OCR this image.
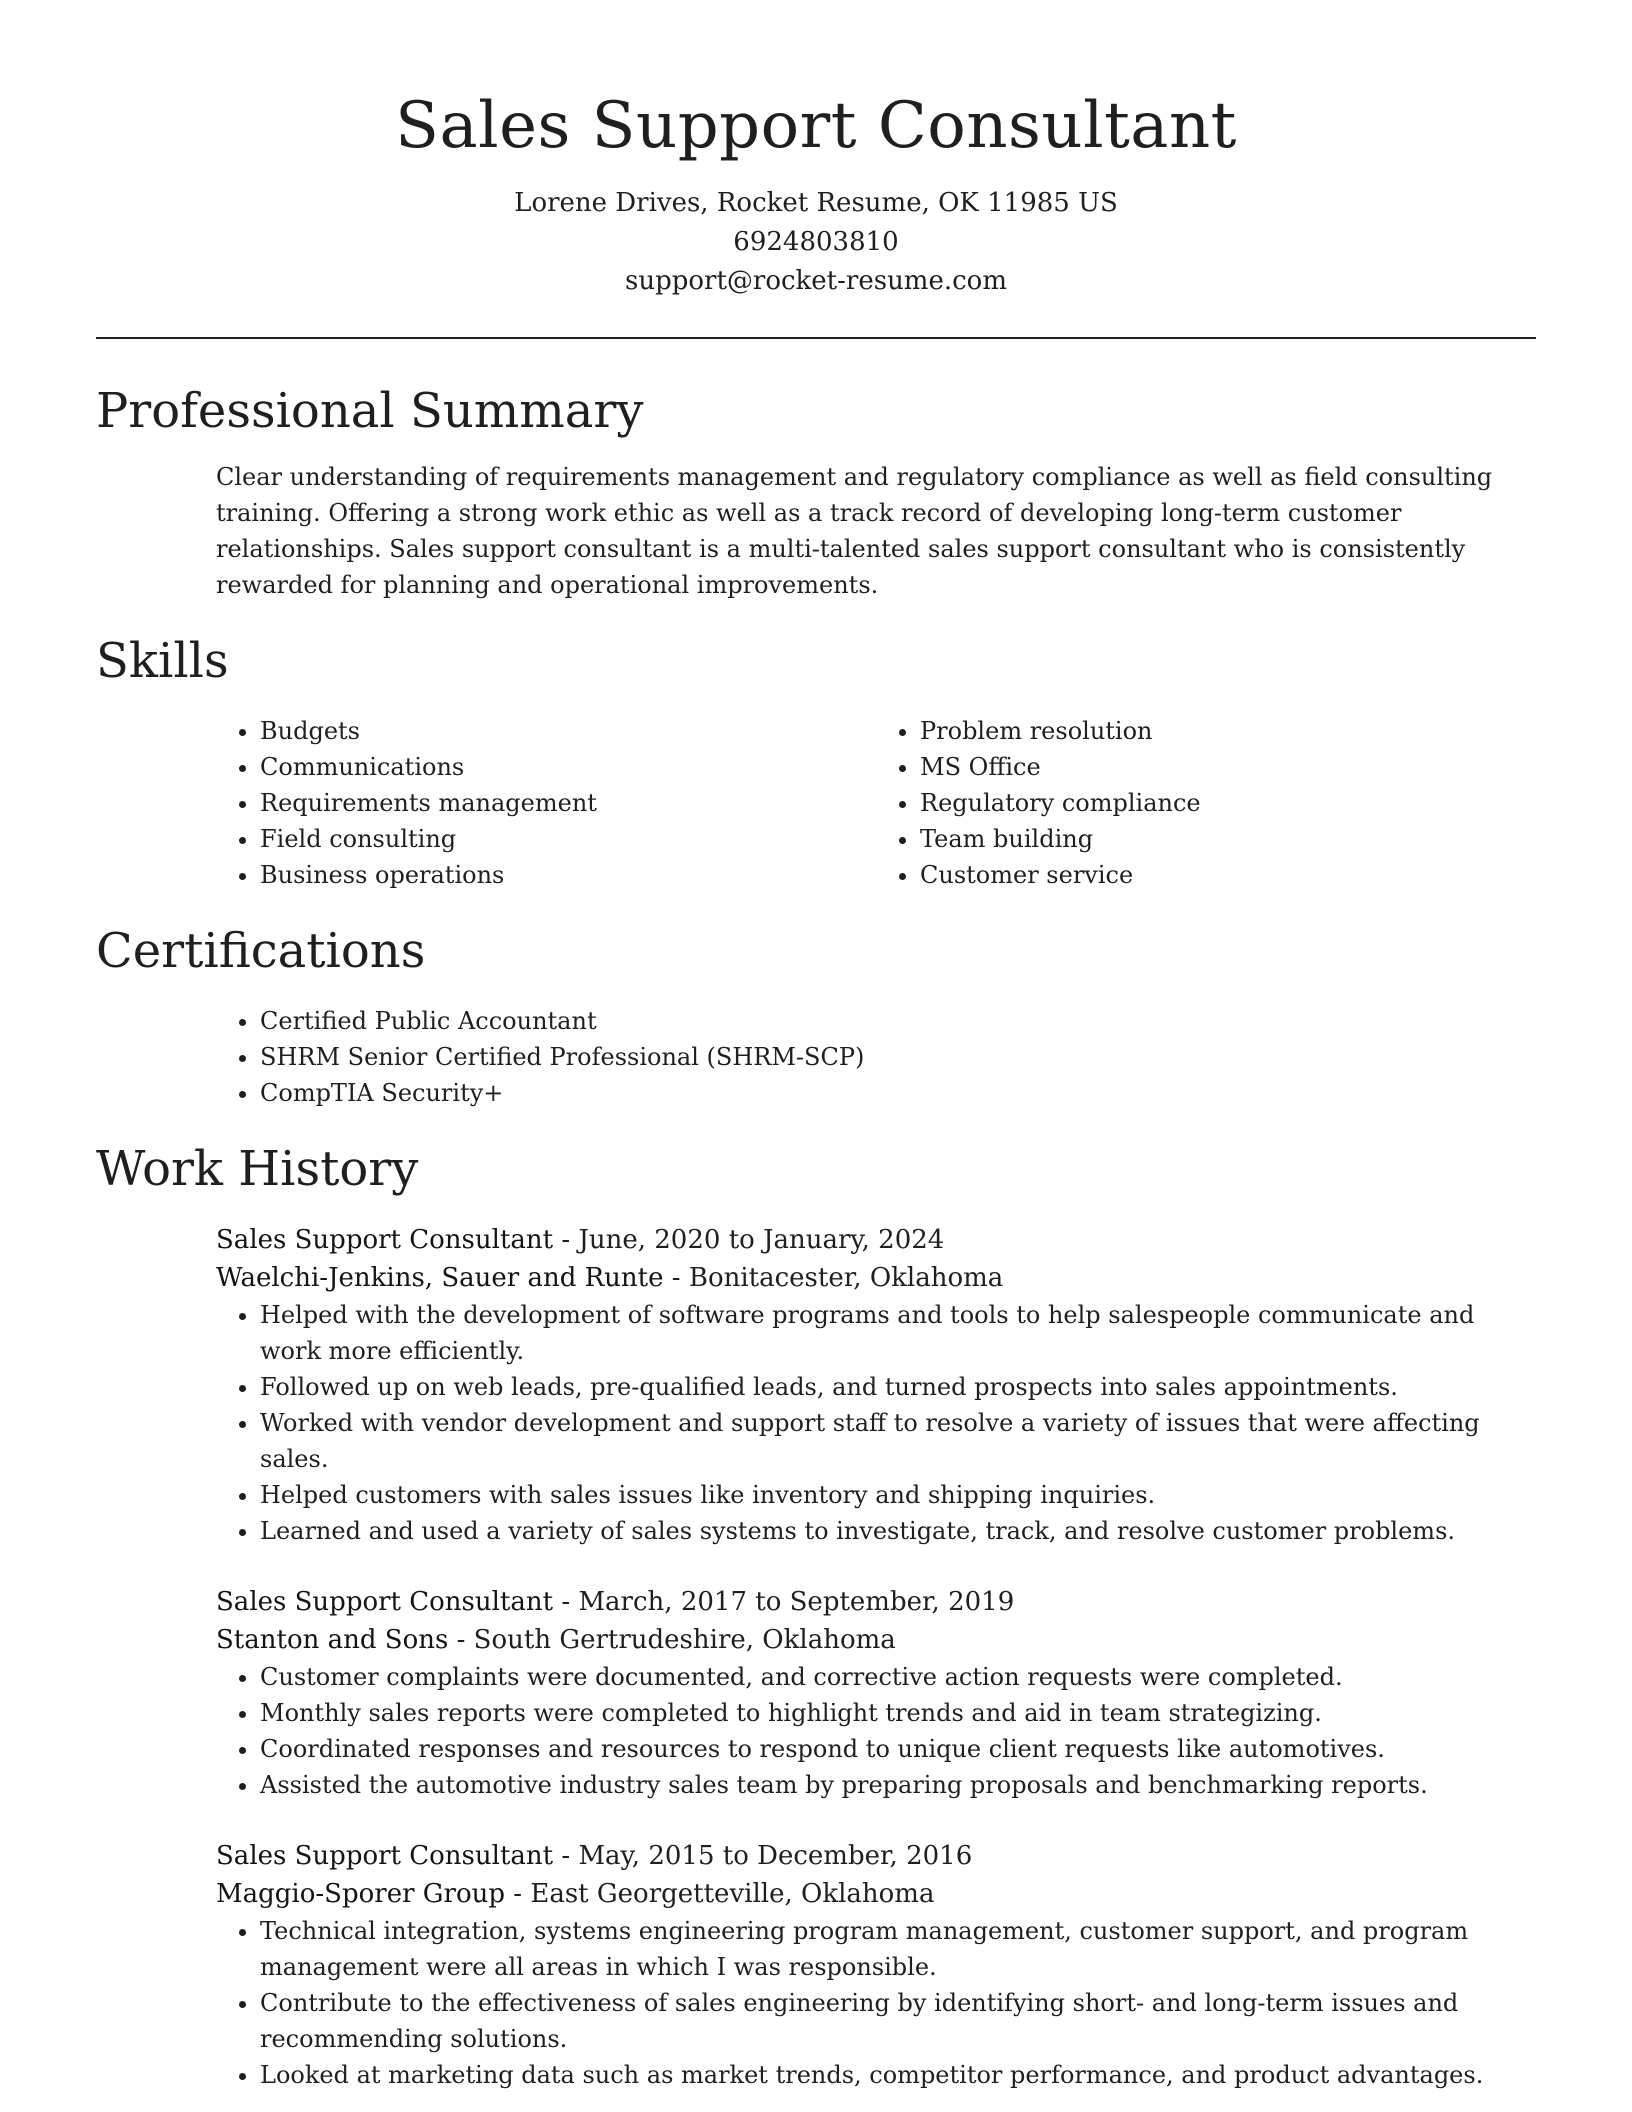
Sales Support Consultant
Lorene Drives, Rocket Resume, OK 11985 US
6924803810
support@rocket-resume.com
Professional Summary
Clear understanding of requirements management and regulatory compliance as well as field consulting training. Offering a strong work ethic as well as a track record of developing long-term customer relationships. Sales support consultant is a multi-talented sales support consultant who is consistently rewarded for planning and operational improvements.
Skills
• Budgets
• Communications
• Requirements management
• Field consulting
• Business operations
• Problem resolution
• MS Office
• Regulatory compliance
• Team building
• Customer service
Certifications
• Certified Public Accountant
• SHRM Senior Certified Professional (SHRM-SCP)
• CompTIA Security+
Work History
Sales Support Consultant - June, 2020 to January, 2024
Waelchi-Jenkins, Sauer and Runte - Bonitacester, Oklahoma
• Helped with the development of software programs and tools to help salespeople communicate and work more efficiently.
• Followed up on web leads, pre-qualified leads, and turned prospects into sales appointments.
• Worked with vendor development and support staff to resolve a variety of issues that were affecting sales.
• Helped customers with sales issues like inventory and shipping inquiries.
• Learned and used a variety of sales systems to investigate, track, and resolve customer problems.
Sales Support Consultant - March, 2017 to September, 2019
Stanton and Sons - South Gertrudeshire, Oklahoma
• Customer complaints were documented, and corrective action requests were completed.
• Monthly sales reports were completed to highlight trends and aid in team strategizing.
• Coordinated responses and resources to respond to unique client requests like automotives.
• Assisted the automotive industry sales team by preparing proposals and benchmarking reports.
Sales Support Consultant - May, 2015 to December, 2016
Maggio-Sporer Group - East Georgetteville, Oklahoma
• Technical integration, systems engineering program management, customer support, and program management were all areas in which I was responsible.
• Contribute to the effectiveness of sales engineering by identifying short- and long-term issues and recommending solutions.
• Looked at marketing data such as market trends, competitor performance, and product advantages.
